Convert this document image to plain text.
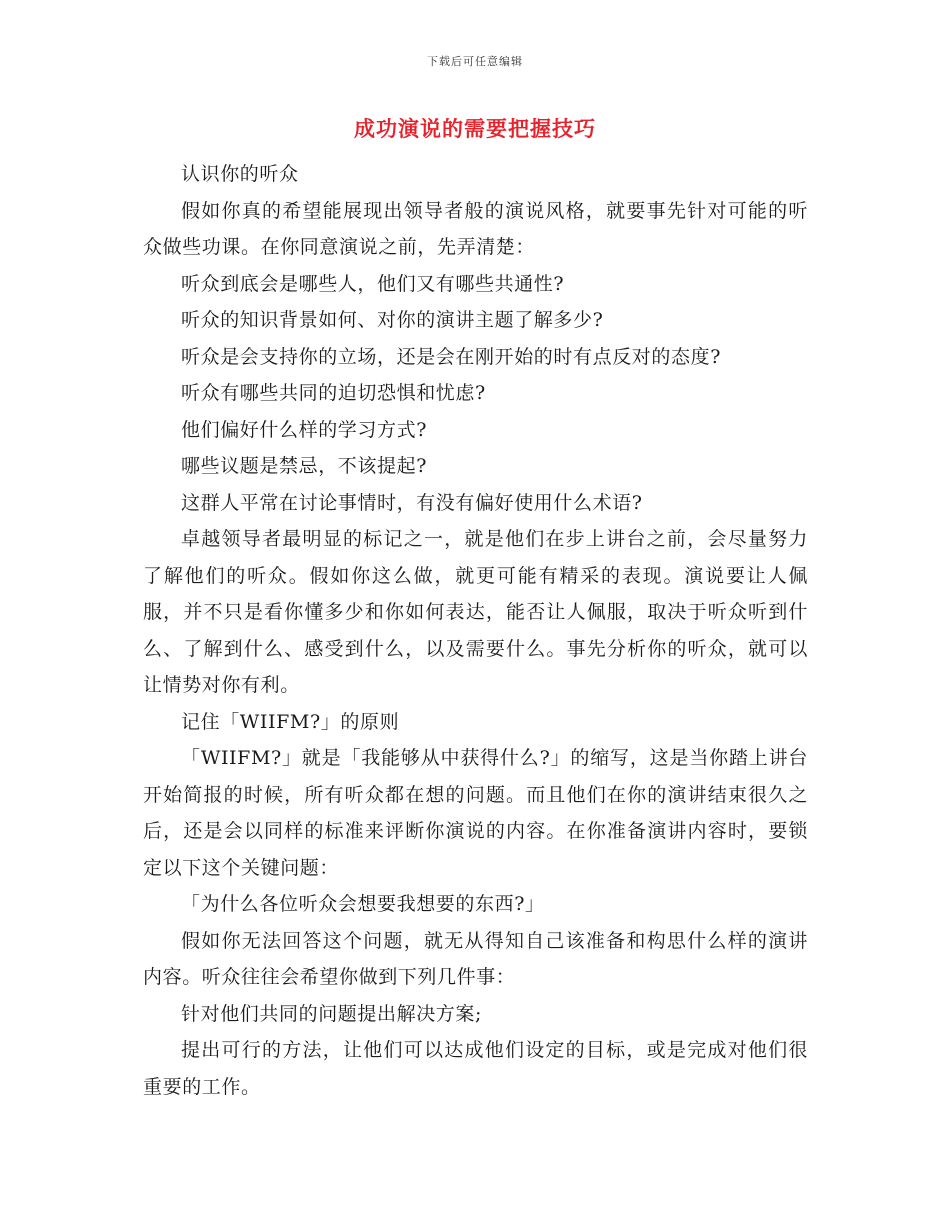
下载后可任意编辑
成功演说的需要把握技巧

认识你的听众

假如你真的希望能展现出领导者般的演说风格，就要事先针对可能的听众做些功课。在你同意演说之前，先弄清楚：

听众到底会是哪些人，他们又有哪些共通性?

听众的知识背景如何、对你的演讲主题了解多少?

听众是会支持你的立场，还是会在刚开始的时有点反对的态度?

听众有哪些共同的迫切恐惧和忧虑?

他们偏好什么样的学习方式?

哪些议题是禁忌，不该提起?

这群人平常在讨论事情时，有没有偏好使用什么术语?

卓越领导者最明显的标记之一，就是他们在步上讲台之前，会尽量努力了解他们的听众。假如你这么做，就更可能有精采的表现。演说要让人佩服，并不只是看你懂多少和你如何表达，能否让人佩服，取决于听众听到什么、了解到什么、感受到什么，以及需要什么。事先分析你的听众，就可以让情势对你有利。

记住「WIIFM?」的原则

「WIIFM?」就是「我能够从中获得什么?」的缩写，这是当你踏上讲台开始简报的时候，所有听众都在想的问题。而且他们在你的演讲结束很久之后，还是会以同样的标准来评断你演说的内容。在你准备演讲内容时，要锁定以下这个关键问题：

「为什么各位听众会想要我想要的东西?」

假如你无法回答这个问题，就无从得知自己该准备和构思什么样的演讲内容。听众往往会希望你做到下列几件事：

针对他们共同的问题提出解决方案;

提出可行的方法，让他们可以达成他们设定的目标，或是完成对他们很重要的工作。
